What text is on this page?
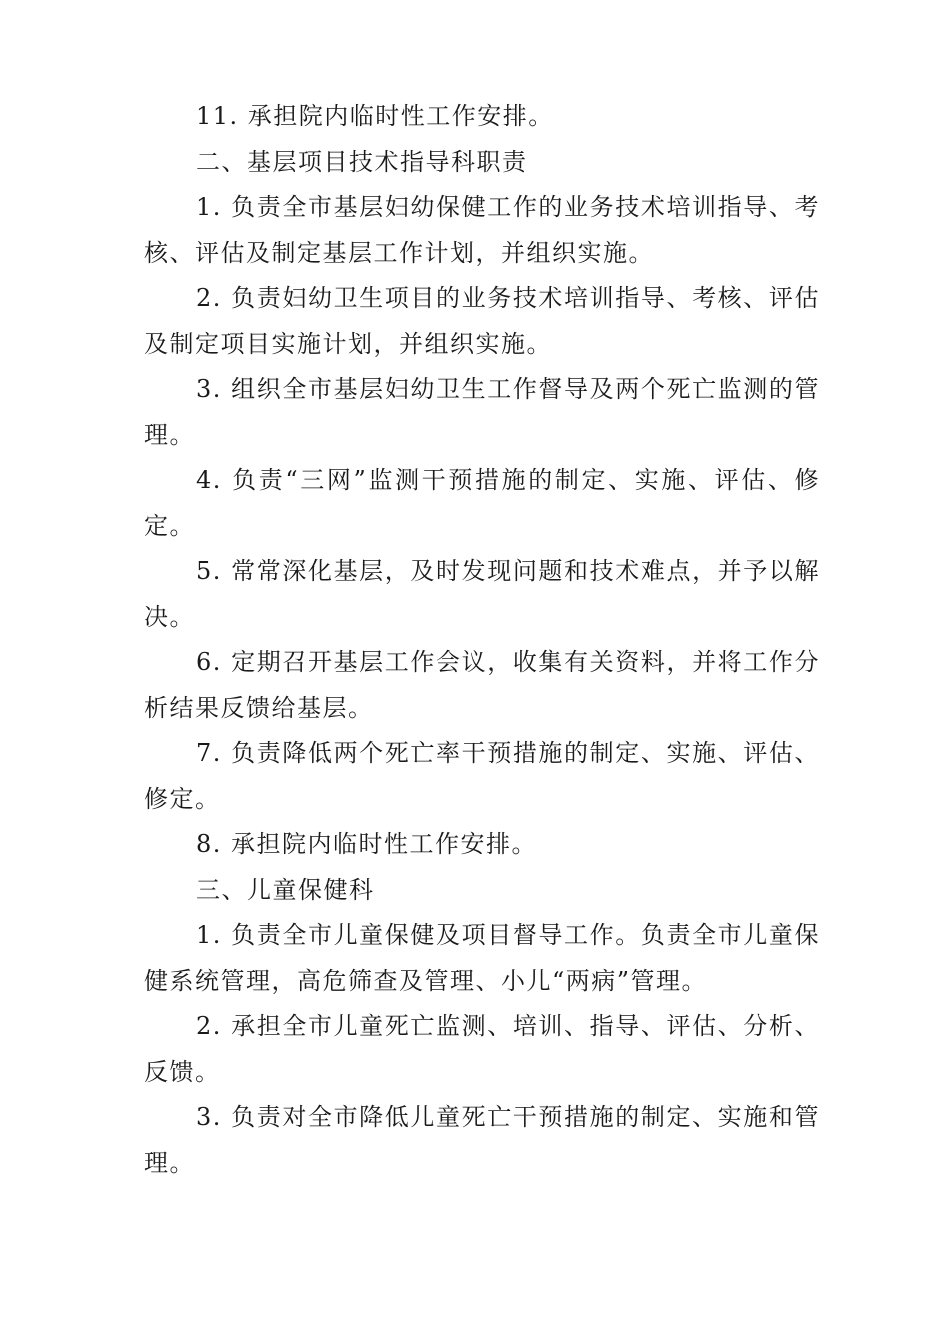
11. 承担院内临时性工作安排。

二、基层项目技术指导科职责

1. 负责全市基层妇幼保健工作的业务技术培训指导、考核、评估及制定基层工作计划，并组织实施。

2. 负责妇幼卫生项目的业务技术培训指导、考核、评估及制定项目实施计划，并组织实施。

3. 组织全市基层妇幼卫生工作督导及两个死亡监测的管理。

4. 负责“三网”监测干预措施的制定、实施、评估、修定。

5. 常常深化基层，及时发现问题和技术难点，并予以解决。

6. 定期召开基层工作会议，收集有关资料，并将工作分析结果反馈给基层。

7. 负责降低两个死亡率干预措施的制定、实施、评估、修定。

8. 承担院内临时性工作安排。

三、儿童保健科

1. 负责全市儿童保健及项目督导工作。负责全市儿童保健系统管理，高危筛查及管理、小儿“两病”管理。

2. 承担全市儿童死亡监测、培训、指导、评估、分析、反馈。

3. 负责对全市降低儿童死亡干预措施的制定、实施和管理。
